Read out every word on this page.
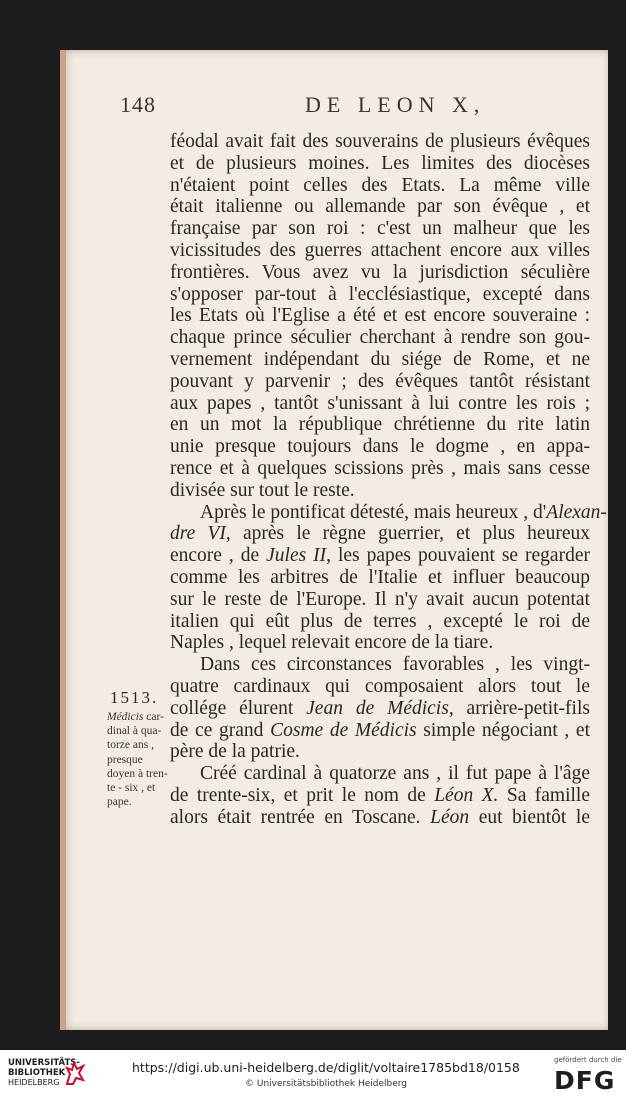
148	DE LEON X,
féodal avait fait des souverains de plusieurs évêques
et de plusieurs moines. Les limites des diocèses
n'étaient point celles des Etats. La même ville
était italienne ou allemande par son évêque , et
française par son roi : c'est un malheur que les
vicissitudes des guerres attachent encore aux villes
frontières. Vous avez vu la jurisdiction séculière
s'opposer par-tout à l'ecclésiastique, excepté dans
les Etats où l'Eglise a été et est encore souveraine :
chaque prince séculier cherchant à rendre son gou-
vernement indépendant du siége de Rome, et ne
pouvant y parvenir ; des évêques tantôt résistant
aux papes , tantôt s'unissant à lui contre les rois ;
en un mot la république chrétienne du rite latin
unie presque toujours dans le dogme , en appa-
rence et à quelques scissions près , mais sans cesse
divisée sur tout le reste.
Après le pontificat détesté, mais heureux , d'Alexan-
dre VI, après le règne guerrier, et plus heureux
encore , de Jules II, les papes pouvaient se regarder
comme les arbitres de l'Italie et influer beaucoup
sur le reste de l'Europe. Il n'y avait aucun potentat
italien qui eût plus de terres , excepté le roi de
Naples , lequel relevait encore de la tiare.
Dans ces circonstances favorables , les vingt-
quatre cardinaux qui composaient alors tout le
collége élurent Jean de Médicis, arrière-petit-fils
de ce grand Cosme de Médicis simple négociant , et
père de la patrie.
Créé cardinal à quatorze ans , il fut pape à l'âge
de trente-six, et prit le nom de Léon X. Sa famille
alors était rentrée en Toscane. Léon eut bientôt le
1513.
Médicis car-
dinal à qua-
torze ans ,
presque
doyen à tren-
te - six , et
pape.
UNIVERSITÄTS-
BIBLIOTHEK
HEIDELBERG
https://digi.ub.uni-heidelberg.de/diglit/voltaire1785bd18/0158
© Universitätsbibliothek Heidelberg
gefördert durch die
DFG
